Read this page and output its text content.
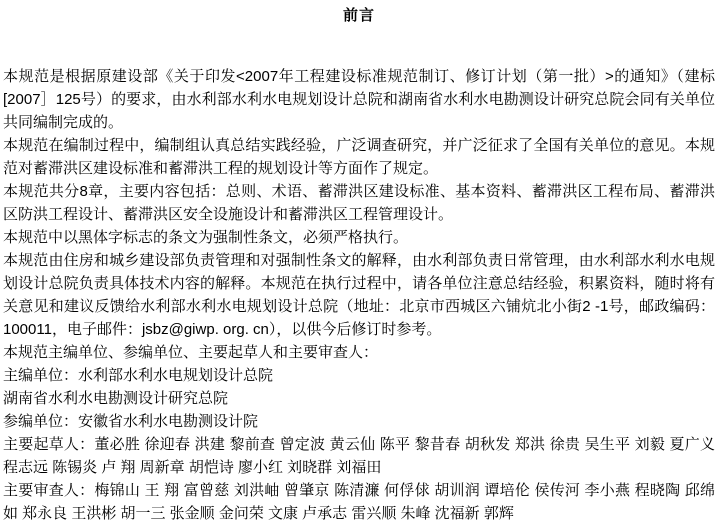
前言

本规范是根据原建设部《关于印发<2007年工程建设标准规范制订、修订计划（第一批）>的通知》（建标[2007］125号）的要求，由水利部水利水电规划设计总院和湖南省水利水电勘测设计研究总院会同有关单位共同编制完成的。

本规范在编制过程中，编制组认真总结实践经验，广泛调查研究，并广泛征求了全国有关单位的意见。本规范对蓄滞洪区建设标准和蓄滞洪工程的规划设计等方面作了规定。

本规范共分8章，主要内容包括：总则、术语、蓄滞洪区建设标准、基本资料、蓄滞洪区工程布局、蓄滞洪区防洪工程设计、蓄滞洪区安全设施设计和蓄滞洪区工程管理设计。

本规范中以黑体字标志的条文为强制性条文，必须严格执行。

本规范由住房和城乡建设部负责管理和对强制性条文的解释，由水利部负责日常管理，由水利部水利水电规划设计总院负责具体技术内容的解释。本规范在执行过程中，请各单位注意总结经验，积累资料，随时将有关意见和建议反馈给水利部水利水电规划设计总院（地址：北京市西城区六铺炕北小街2 -1号，邮政编码：100011，电子邮件：jsbz@giwp. org. cn），以供今后修订时参考。

本规范主编单位、参编单位、主要起草人和主要审查人：

主编单位：水利部水利水电规划设计总院

湖南省水利水电勘测设计研究总院

参编单位：安徽省水利水电勘测设计院

主要起草人：董必胜 徐迎春 洪建 黎前查 曾定波 黄云仙 陈平 黎昔春 胡秋发 郑洪 徐贵 吴生平 刘毅 夏广义 程志远 陈锡炎 卢 翔 周新章 胡恺诗 廖小红 刘晓群 刘福田

主要审查人：梅锦山 王 翔 富曾慈 刘洪岫 曾肇京 陈清濂 何俘俅 胡训润 谭培伦 侯传河 李小燕 程晓陶 邱绵如 郑永良 王洪彬 胡一三 张金顺 金问荣 文康 卢承志 雷兴顺 朱峰 沈福新 郭辉
